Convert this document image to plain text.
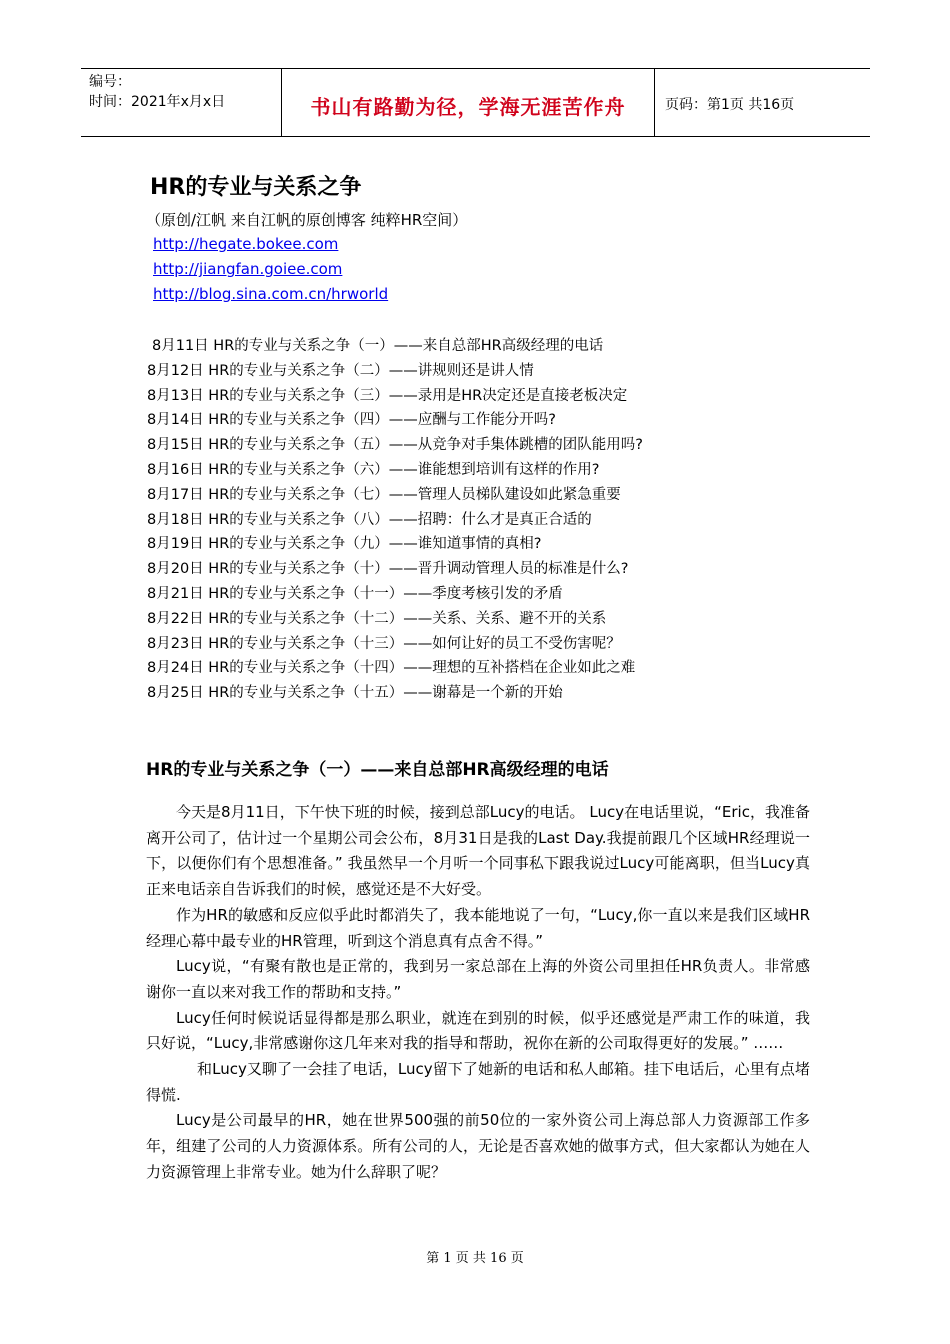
编号：
时间：2021年x月x日	书山有路勤为径，学海无涯苦作舟	页码：第1页 共16页
HR的专业与关系之争
（原创/江帆 来自江帆的原创博客 纯粹HR空间）
http://hegate.bokee.com
http://jiangfan.goiee.com
http://blog.sina.com.cn/hrworld
8月11日 HR的专业与关系之争（一）——来自总部HR高级经理的电话
8月12日 HR的专业与关系之争（二）——讲规则还是讲人情
8月13日 HR的专业与关系之争（三）——录用是HR决定还是直接老板决定
8月14日 HR的专业与关系之争（四）——应酬与工作能分开吗?
8月15日 HR的专业与关系之争（五）——从竞争对手集体跳槽的团队能用吗?
8月16日 HR的专业与关系之争（六）——谁能想到培训有这样的作用?
8月17日 HR的专业与关系之争（七）——管理人员梯队建设如此紧急重要
8月18日 HR的专业与关系之争（八）——招聘：什么才是真正合适的
8月19日 HR的专业与关系之争（九）——谁知道事情的真相?
8月20日 HR的专业与关系之争（十）——晋升调动管理人员的标准是什么?
8月21日 HR的专业与关系之争（十一）——季度考核引发的矛盾
8月22日 HR的专业与关系之争（十二）——关系、关系、避不开的关系
8月23日 HR的专业与关系之争（十三）——如何让好的员工不受伤害呢？
8月24日 HR的专业与关系之争（十四）——理想的互补搭档在企业如此之难
8月25日 HR的专业与关系之争（十五）——谢幕是一个新的开始
HR的专业与关系之争（一）——来自总部HR高级经理的电话

今天是8月11日，下午快下班的时候，接到总部Lucy的电话。 Lucy在电话里说，“Eric，我准备离开公司了，估计过一个星期公司会公布，8月31日是我的Last Day.我提前跟几个区域HR经理说一下，以便你们有个思想准备。” 我虽然早一个月听一个同事私下跟我说过Lucy可能离职，但当Lucy真正来电话亲自告诉我们的时候，感觉还是不大好受。

作为HR的敏感和反应似乎此时都消失了，我本能地说了一句，“Lucy,你一直以来是我们区域HR经理心幕中最专业的HR管理，听到这个消息真有点舍不得。”

Lucy说，“有聚有散也是正常的，我到另一家总部在上海的外资公司里担任HR负责人。非常感谢你一直以来对我工作的帮助和支持。”

Lucy任何时候说话显得都是那么职业，就连在到别的时候，似乎还感觉是严肃工作的味道，我只好说，“Lucy,非常感谢你这几年来对我的指导和帮助，祝你在新的公司取得更好的发展。” ……

和Lucy又聊了一会挂了电话，Lucy留下了她新的电话和私人邮箱。挂下电话后，心里有点堵得慌.

Lucy是公司最早的HR，她在世界500强的前50位的一家外资公司上海总部人力资源部工作多年，组建了公司的人力资源体系。所有公司的人，无论是否喜欢她的做事方式，但大家都认为她在人力资源管理上非常专业。她为什么辞职了呢？

第 1 页 共 16 页
